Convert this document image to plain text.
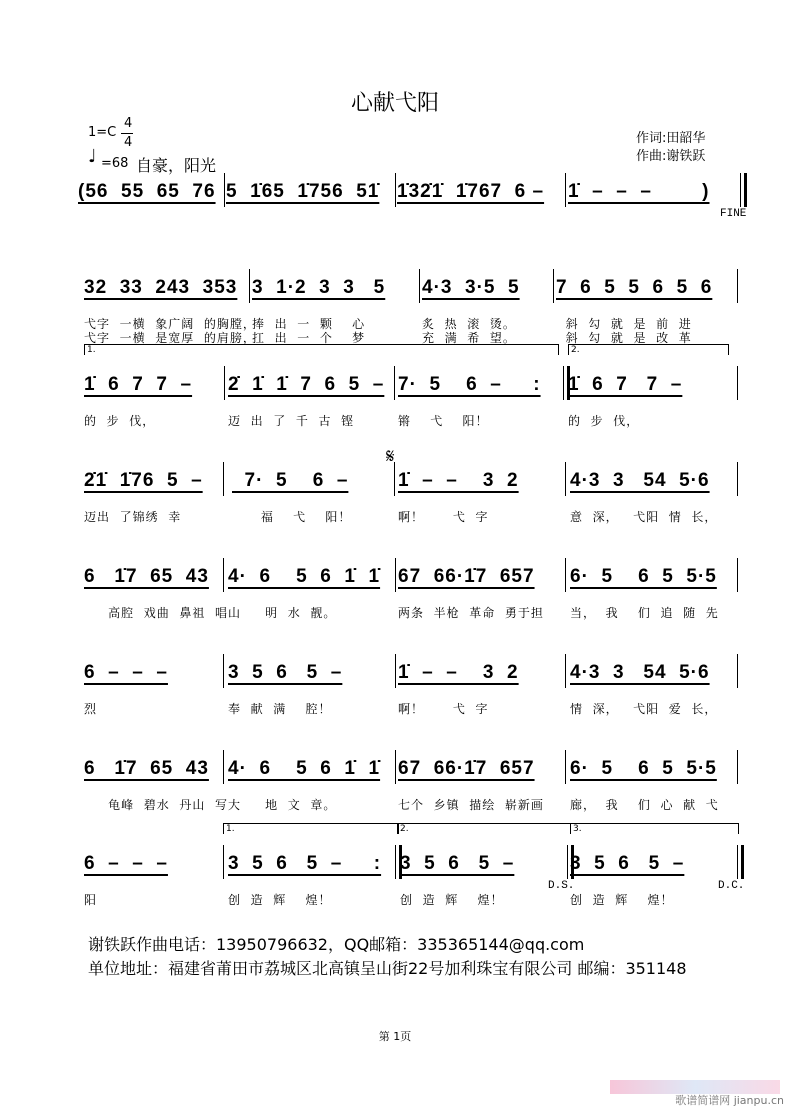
心献弋阳
1=C
4
4
♩ =68 自豪，阳光
作词:田韶华
作曲:谢铁跃
(56  55  65  76 5  1̇65  1̇756  51̇ 1̇32̇1̇  1̇767  6 – 1̇  –  –  –        )
32  33  243  353
弋字  一横  象广阔  的胸膛，
弋字  一横  是宽厚  的肩膀，
3  1·2  3  3   5
捧  出  一  颗    心
扛  出  一  个    梦
4·3  3·5  5
炙  热  滚  烫。
充  满  希  望。
7  6  5  5  6  5  6
斜  勾  就  是  前  进
斜  勾  就  是  改  革
1̇  6  7  7  –
的  步  伐，
2̇  1̇  1̇  7  6  5  –
迈  出  了  千  古  铿
7·  5    6  –     :
锵    弋    阳！
1̇  6  7   7  –
的  步  伐，
1.	2.
2̇1̇  1̇76  5  –
迈出  了锦绣  幸
7·  5    6  –
福    弋    阳！
1̇  –  –    3  2
啊！      弋  字
4·3  3   54  5·6
意  深，   弋阳  情  长，
6   1̇7  65  43
高腔  戏曲  鼻祖  唱
4·  6    5  6  1̇  1̇
山     明  水  靓。
67  66·1̇7  657
两条  半枪  革命  勇于担
6·  5    6  5  5·5
当，  我    们  追  随  先
6  –  –  –
烈
3  5  6   5  –
奉  献  满    腔！
1̇  –  –    3  2
啊！      弋  字
4·3  3   54  5·6
情  深，   弋阳  爱  长，
6   1̇7  65  43
龟峰  碧水  丹山  写
4·  6    5  6  1̇  1̇
大     地  文  章。
67  66·1̇7  657
七个  乡镇  描绘  崭新画
6·  5    6  5  5·5
廊，  我    们  心  献  弋
6  –  –  –
阳
3  5  6   5  –     :
创  造  辉    煌！
3  5  6   5  –
创  造  辉    煌！
3  5  6   5  –
创  造  辉    煌！
1.	2.	3.
FINE
𝄋
D.S.	D.C.
谢铁跃作曲电话：13950796632，QQ邮箱：335365144@qq.com
单位地址：福建省莆田市荔城区北高镇呈山街22号加利珠宝有限公司 邮编：351148
第 1页
歌谱简谱网 jianpu.cn
